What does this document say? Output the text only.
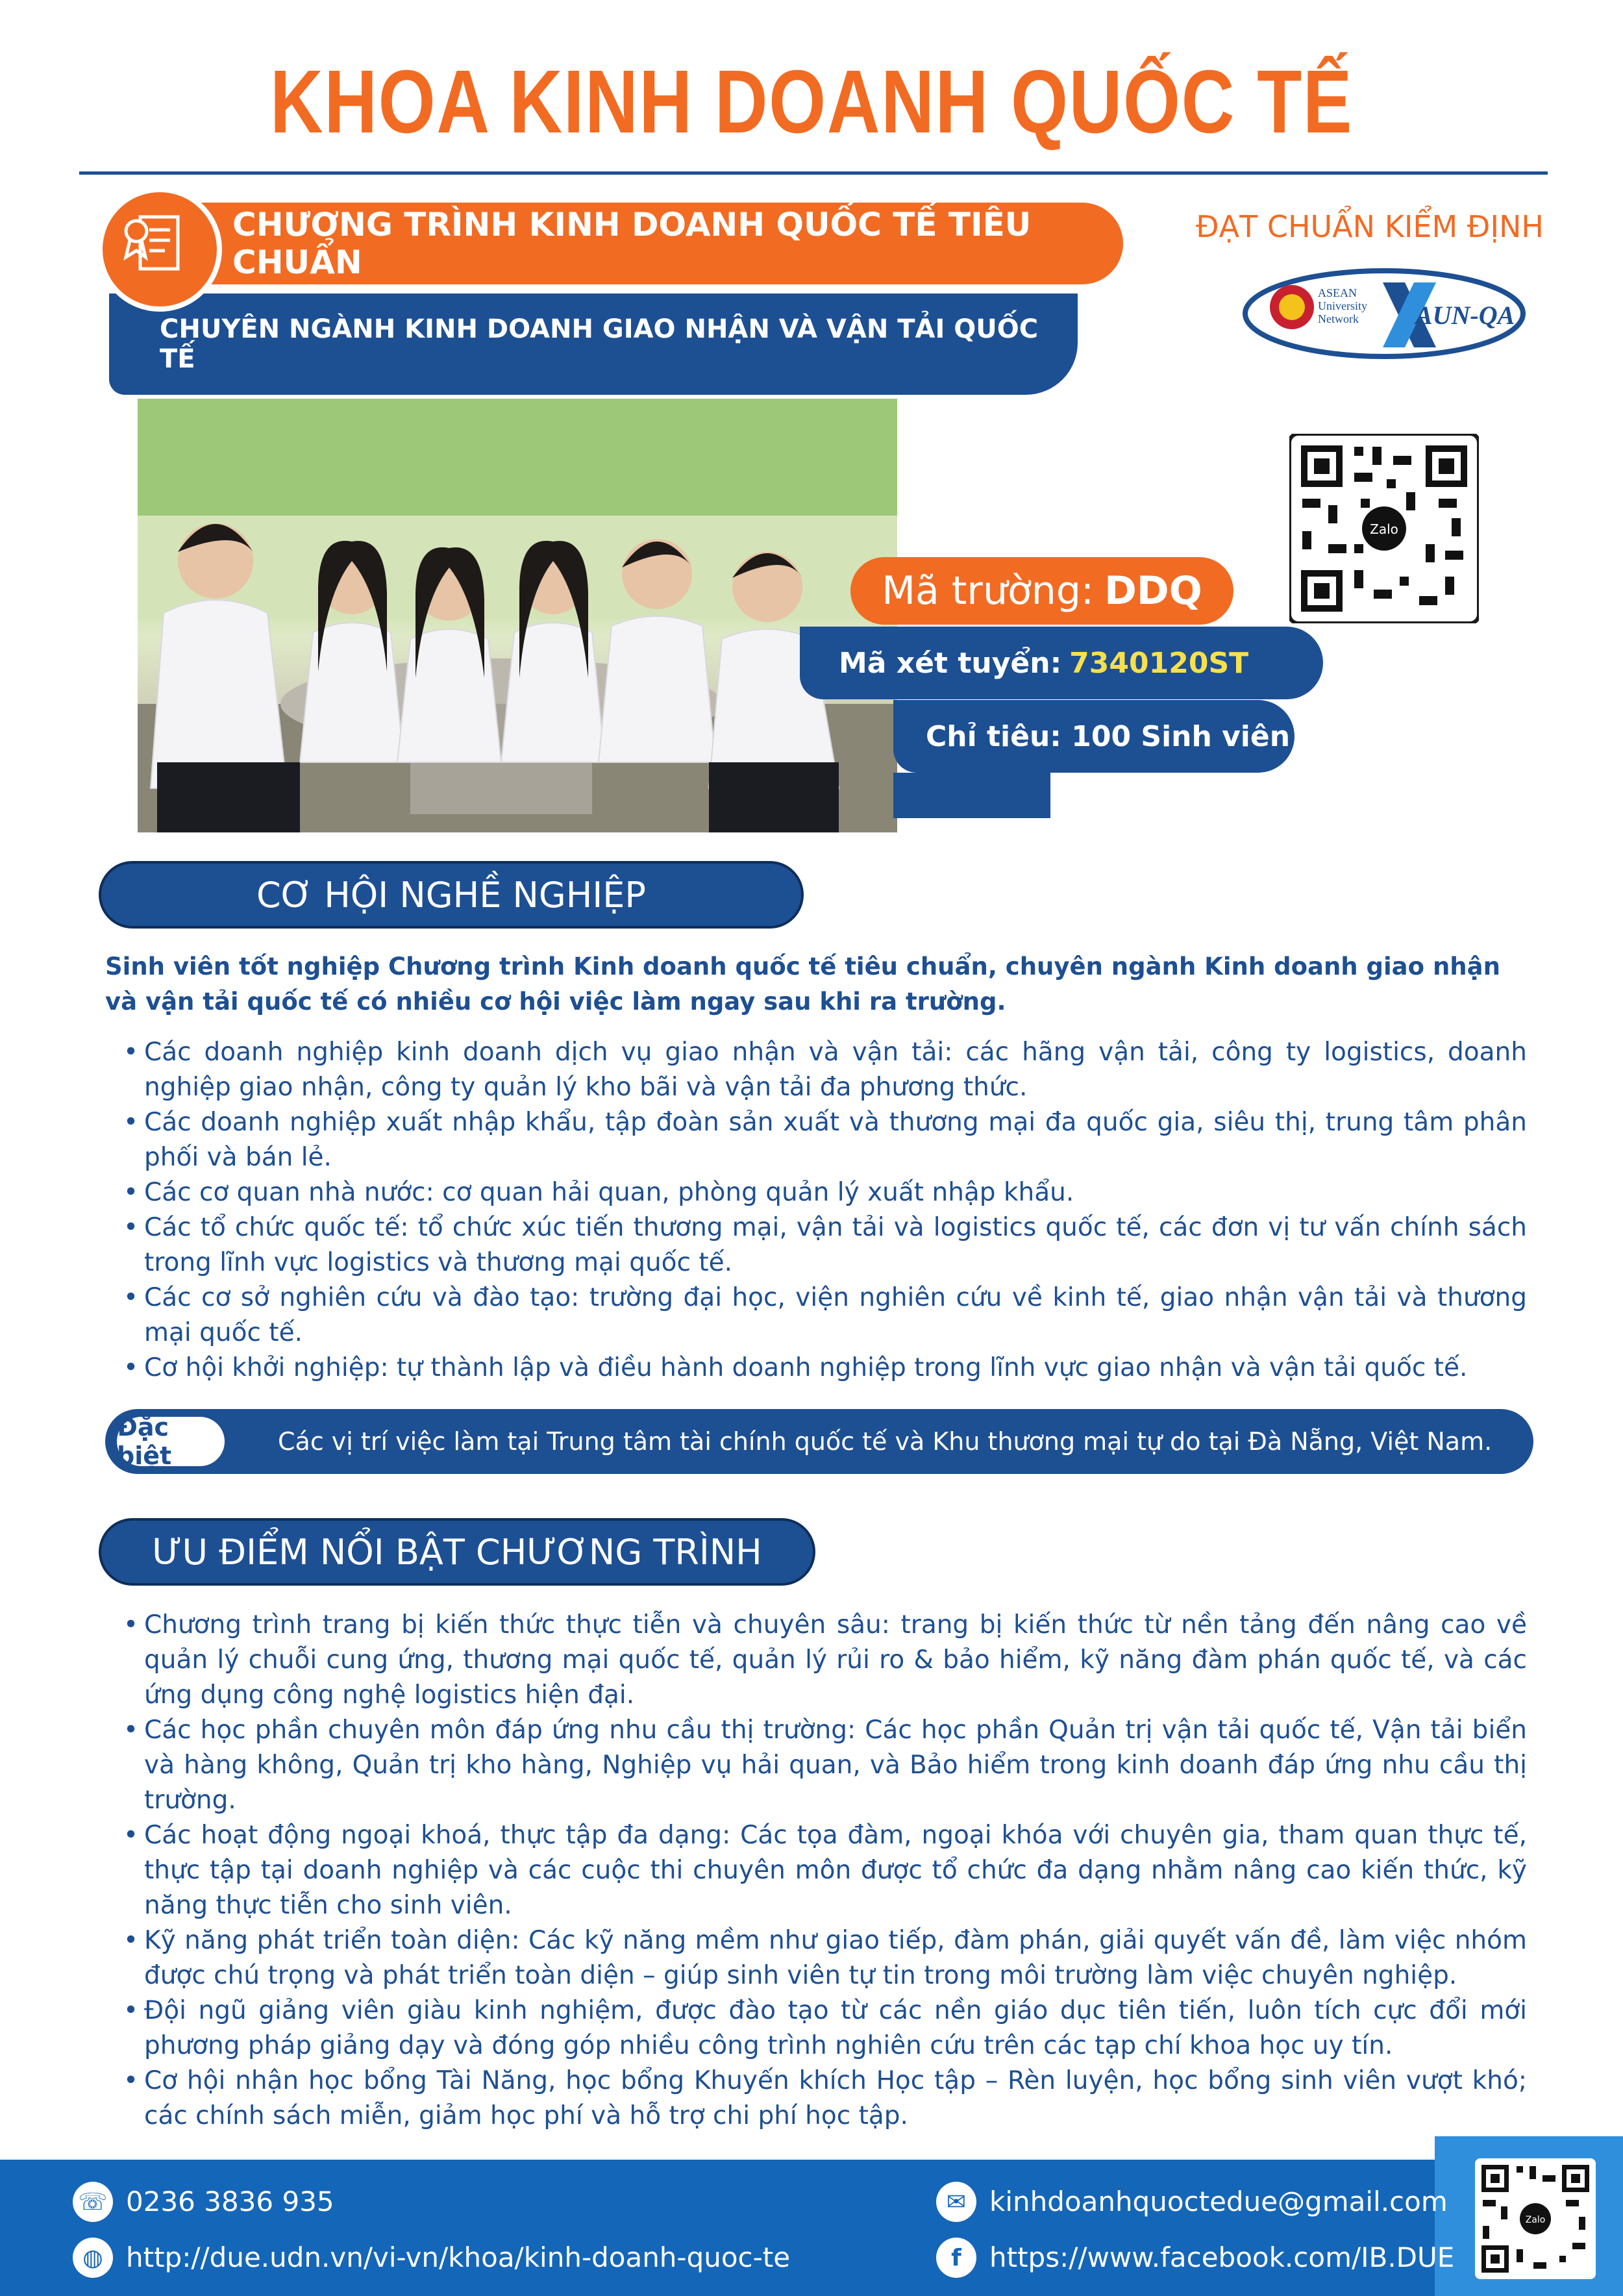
KHOA KINH DOANH QUỐC TẾ
CHUYÊN NGÀNH KINH DOANH GIAO NHẬN VÀ VẬN TẢI QUỐC TẾ
CHƯƠNG TRÌNH KINH DOANH QUỐC TẾ TIÊU CHUẨN
ĐẠT CHUẨN KIỂM ĐỊNH
ASEAN
University
Network AUN-QA
Zalo
Chỉ tiêu: 100 Sinh viên
Mã xét tuyển: 7340120ST
Mã trường: DDQ
CƠ HỘI NGHỀ NGHIỆP
Sinh viên tốt nghiệp Chương trình Kinh doanh quốc tế tiêu chuẩn, chuyên ngành Kinh doanh giao nhận và vận tải quốc tế có nhiều cơ hội việc làm ngay sau khi ra trường.
• Các doanh nghiệp kinh doanh dịch vụ giao nhận và vận tải: các hãng vận tải, công ty logistics, doanh nghiệp giao nhận, công ty quản lý kho bãi và vận tải đa phương thức.
• Các doanh nghiệp xuất nhập khẩu, tập đoàn sản xuất và thương mại đa quốc gia, siêu thị, trung tâm phân phối và bán lẻ.
• Các cơ quan nhà nước: cơ quan hải quan, phòng quản lý xuất nhập khẩu.
• Các tổ chức quốc tế: tổ chức xúc tiến thương mại, vận tải và logistics quốc tế, các đơn vị tư vấn chính sách trong lĩnh vực logistics và thương mại quốc tế.
• Các cơ sở nghiên cứu và đào tạo: trường đại học, viện nghiên cứu về kinh tế, giao nhận vận tải và thương mại quốc tế.
• Cơ hội khởi nghiệp: tự thành lập và điều hành doanh nghiệp trong lĩnh vực giao nhận và vận tải quốc tế.
Đặc biệt	Các vị trí việc làm tại Trung tâm tài chính quốc tế và Khu thương mại tự do tại Đà Nẵng, Việt Nam.
ƯU ĐIỂM NỔI BẬT CHƯƠNG TRÌNH
• Chương trình trang bị kiến thức thực tiễn và chuyên sâu: trang bị kiến thức từ nền tảng đến nâng cao về quản lý chuỗi cung ứng, thương mại quốc tế, quản lý rủi ro & bảo hiểm, kỹ năng đàm phán quốc tế, và các ứng dụng công nghệ logistics hiện đại.
• Các học phần chuyên môn đáp ứng nhu cầu thị trường: Các học phần Quản trị vận tải quốc tế, Vận tải biển và hàng không, Quản trị kho hàng, Nghiệp vụ hải quan, và Bảo hiểm trong kinh doanh đáp ứng nhu cầu thị trường.
• Các hoạt động ngoại khoá, thực tập đa dạng: Các tọa đàm, ngoại khóa với chuyên gia, tham quan thực tế, thực tập tại doanh nghiệp và các cuộc thi chuyên môn được tổ chức đa dạng nhằm nâng cao kiến thức, kỹ năng thực tiễn cho sinh viên.
• Kỹ năng phát triển toàn diện: Các kỹ năng mềm như giao tiếp, đàm phán, giải quyết vấn đề, làm việc nhóm được chú trọng và phát triển toàn diện – giúp sinh viên tự tin trong môi trường làm việc chuyên nghiệp.
• Đội ngũ giảng viên giàu kinh nghiệm, được đào tạo từ các nền giáo dục tiên tiến, luôn tích cực đổi mới phương pháp giảng dạy và đóng góp nhiều công trình nghiên cứu trên các tạp chí khoa học uy tín.
• Cơ hội nhận học bổng Tài Năng, học bổng Khuyến khích Học tập – Rèn luyện, học bổng sinh viên vượt khó; các chính sách miễn, giảm học phí và hỗ trợ chi phí học tập.
☏ 0236 3836 935
◍ http://due.udn.vn/vi-vn/khoa/kinh-doanh-quoc-te
✉ kinhdoanhquoctedue@gmail.com
f	https://www.facebook.com/IB.DUE
Zalo
